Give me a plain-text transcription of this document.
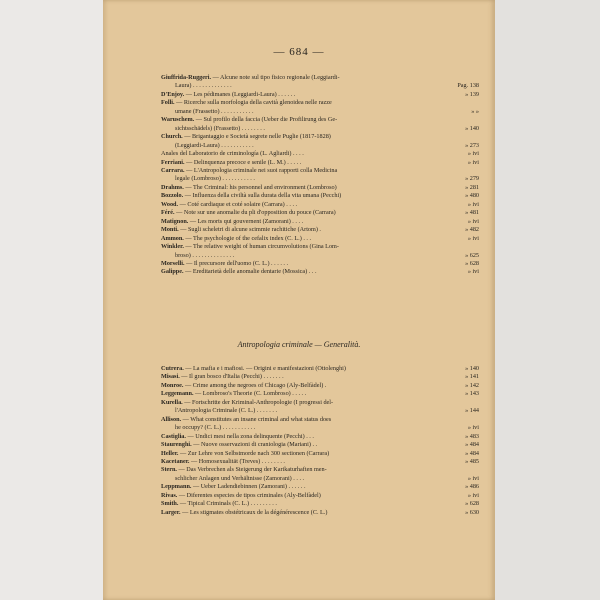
— 684 —
Giuffrida-Ruggeri. — Alcune note sul tipo fisico regionale (Leggiardi-
Laura) . . . . . . . . . . . . .	Pag. 138
D'Enjoy. — Les pédimanes (Leggiardi-Laura) . . . . . .	» 139
Folli. — Ricerche sulla morfologia della cavità glenoidea nelle razze
umane (Frassetto) . . . . . . . . . . .	» »
Waruschem. — Sul profilo della faccia (Ueber die Profilirung des Ge-
sichtsschädels) (Frassetto) . . . . . . . .	» 140
Church. — Brigantaggio e Società segrete nelle Puglie (1817-1828)
(Leggiardi-Laura) . . . . . . . . . . .	» 273
Anales del Laboratorio de criminología (L. Agliardi) . . . .	» ivi
Ferriani. — Delinquenza precoce e senile (L. M.) . . . . .	» ivi
Carrara. — L'Antropologia criminale nei suoi rapporti colla Medicina
legale (Lombroso) . . . . . . . . . . .	» 279
Drahms. — The Criminal: his personnel and environment (Lombroso)	» 281
Bozzolo. — Influenza della civiltà sulla durata della vita umana (Pecchi)	» 480
Wood. — Coté cardiaque et coté solaire (Carrara) . . . .	» ivi
Féré. — Note sur une anomalie du pli d'opposition du pouce (Carrara)	» 481
Matignon. — Les morts qui gouvernent (Zamorani) . . . .	» ivi
Monti. — Sugli scheletri di alcune scimmie rachitiche (Artom) .	» 482
Ammon. — The psychologie of the cefalix index (C. L.) . . .	» ivi
Winkler. — The relative weight of human circumvolutions (Gina Lom-
broso) . . . . . . . . . . . . . .	» 625
Morselli. — Il precursore dell'uomo (C. L.) . . . . . .	» 628
Galippe. — Ereditarietà delle anomalie dentarie (Mossica) . . .	» ivi
Antropologia criminale — Generalità.
Cutrera. — La mafia e i mafiosi. — Origini e manifestazioni (Ottolenghi)	» 140
Misasi. — Il gran bosco d'Italia (Pecchi) . . . . . . .	» 141
Monroe. — Crime among the negroes of Chicago (Aly-Belfàdel) .	» 142
Leggemann. — Lombroso's Theorie (C. Lombroso) . . . . .	» 143
Kurella. — Fortschritte der Kriminal-Anthropologie (I progressi del-
l'Antropologia Criminale (C. L.) . . . . . . .	» 144
Allison. — What constitutes an insane criminal and what status does
he occupy? (C. L.) . . . . . . . . . . .	» ivi
Castiglia. — Undici mesi nella zona delinquente (Pecchi) . . .	» 483
Staurenghi. — Nuove osservazioni di craniologia (Mariani) . .	» 484
Heller. — Zur Lehre von Selbstmorde nach 300 sectionen (Carrara)	» 484
Kacetaner. — Homosexualität (Treves) . . . . . . . .	» 485
Stern. — Das Verbrechen als Steigerung der Karikaturhaften men-
schlicher Anlagen und Verhältnisse (Zamorani) . . . .	» ivi
Leppmann. — Ueber Ladendiebinnen (Zamorani) . . . . . .	» 486
Rivas. — Diferentes especies de tipos criminales (Aly-Belfàdel)	» ivi
Smith. — Tipical Criminals (C. L.) . . . . . . . . .	» 628
Larger. — Les stigmates obstétricaux de la dégénérescence (C. L.)	» 630
